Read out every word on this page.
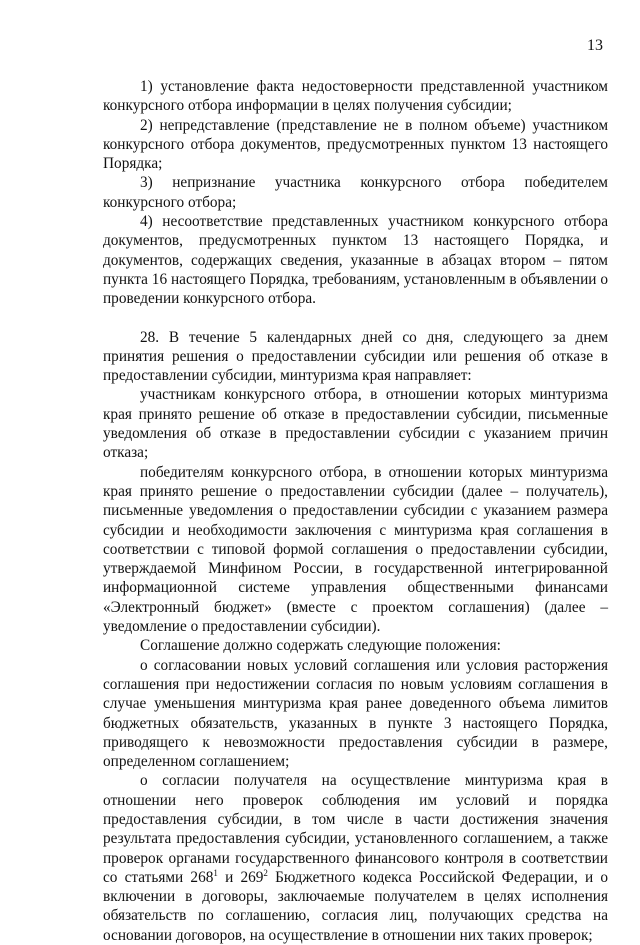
13

1) установление факта недостоверности представленной участником конкурсного отбора информации в целях получения субсидии;

2) непредставление (представление не в полном объеме) участником конкурсного отбора документов, предусмотренных пунктом 13 настоящего Порядка;

3) непризнание участника конкурсного отбора победителем конкурсного отбора;

4) несоответствие представленных участником конкурсного отбора документов, предусмотренных пунктом 13 настоящего Порядка, и документов, содержащих сведения, указанные в абзацах втором – пятом пункта 16 настоящего Порядка, требованиям, установленным в объявлении о проведении конкурсного отбора.

28. В течение 5 календарных дней со дня, следующего за днем принятия решения о предоставлении субсидии или решения об отказе в предоставлении субсидии, минтуризма края направляет:

участникам конкурсного отбора, в отношении которых минтуризма края принято решение об отказе в предоставлении субсидии, письменные уведомления об отказе в предоставлении субсидии с указанием причин отказа;

победителям конкурсного отбора, в отношении которых минтуризма края принято решение о предоставлении субсидии (далее – получатель), письменные уведомления о предоставлении субсидии с указанием размера субсидии и необходимости заключения с минтуризма края соглашения в соответствии с типовой формой соглашения о предоставлении субсидии, утверждаемой Минфином России, в государственной интегрированной информационной системе управления общественными финансами «Электронный бюджет» (вместе с проектом соглашения) (далее – уведомление о предоставлении субсидии).

Соглашение должно содержать следующие положения:

о согласовании новых условий соглашения или условия расторжения соглашения при недостижении согласия по новым условиям соглашения в случае уменьшения минтуризма края ранее доведенного объема лимитов бюджетных обязательств, указанных в пункте 3 настоящего Порядка, приводящего к невозможности предоставления субсидии в размере, определенном соглашением;

о согласии получателя на осуществление минтуризма края в отношении него проверок соблюдения им условий и порядка предоставления субсидии, в том числе в части достижения значения результата предоставления субсидии, установленного соглашением, а также проверок органами государственного финансового контроля в соответствии со статьями $268^1$ и $269^2$ Бюджетного кодекса Российской Федерации, и о включении в договоры, заключаемые получателем в целях исполнения обязательств по соглашению, согласия лиц, получающих средства на основании договоров, на осуществление в отношении них таких проверок;
